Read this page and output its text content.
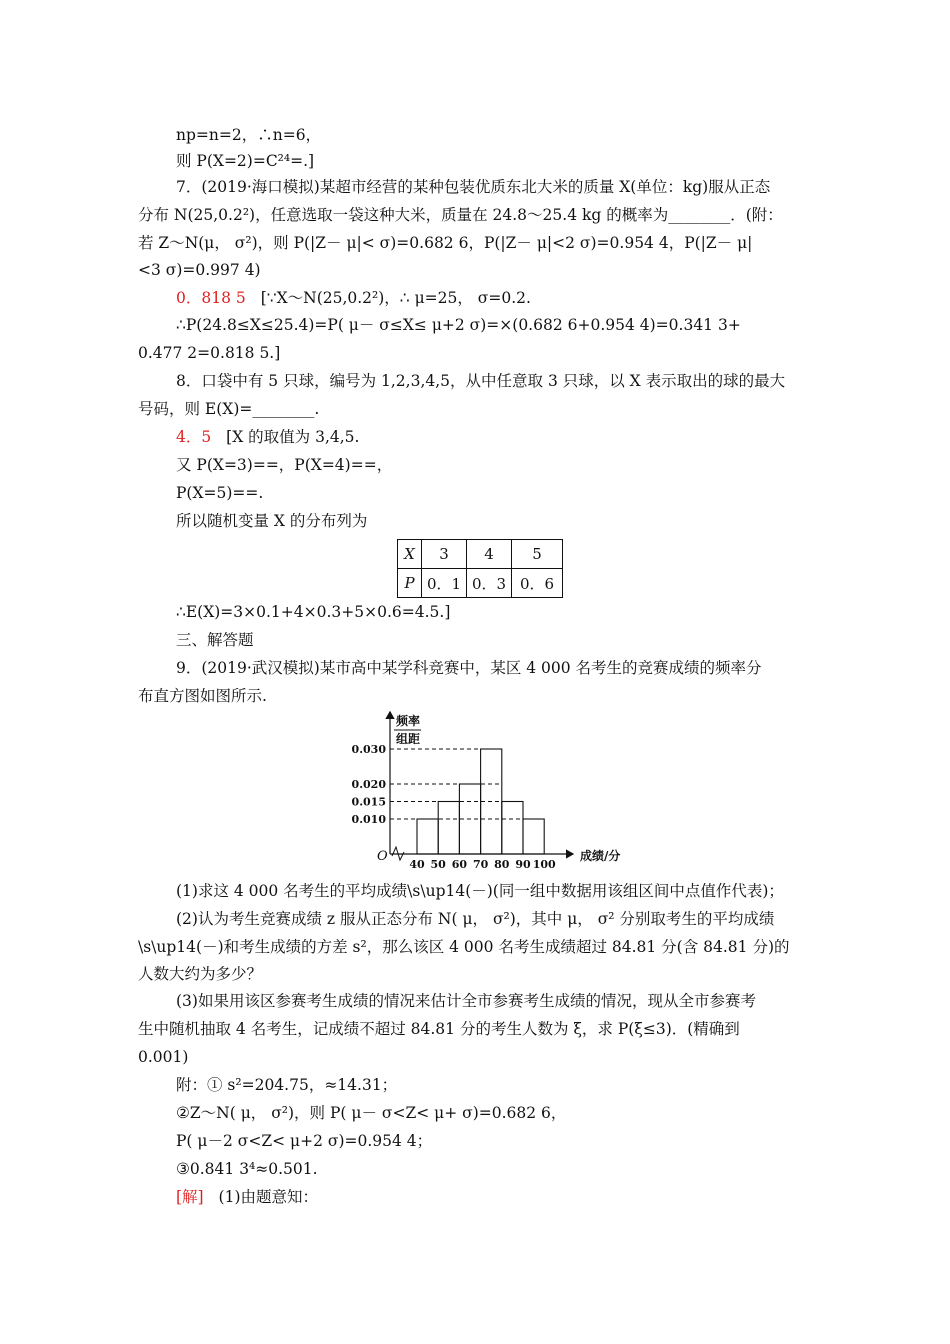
np=n=2，∴n=6，
则 P(X=2)=C²⁴=.]
7．(2019·海口模拟)某超市经营的某种包装优质东北大米的质量 X(单位：kg)服从正态
分布 N(25,0.2²)，任意选取一袋这种大米，质量在 24.8～25.4 kg 的概率为________．(附：
若 Z～N(μ， σ²)，则 P(|Z－ μ|< σ)=0.682 6，P(|Z－ μ|<2 σ)=0.954 4，P(|Z－ μ|
<3 σ)=0.997 4)
0．818 5 [∵X～N(25,0.2²)，∴ μ=25， σ=0.2.
∴P(24.8≤X≤25.4)=P( μ－ σ≤X≤ μ+2 σ)=×(0.682 6+0.954 4)=0.341 3+
0.477 2=0.818 5.]
8．口袋中有 5 只球，编号为 1,2,3,4,5，从中任意取 3 只球，以 X 表示取出的球的最大
号码，则 E(X)=________.
4．5 [X 的取值为 3,4,5.
又 P(X=3)==，P(X=4)==，
P(X=5)==.
所以随机变量 X 的分布列为
X	3	4	5
P	0．1	0．3	0．6
∴E(X)=3×0.1+4×0.3+5×0.6=4.5.]
三、解答题
9．(2019·武汉模拟)某市高中某学科竞赛中，某区 4 000 名考生的竞赛成绩的频率分
布直方图如图所示.
频率
组距
O	成绩/分
0.030
0.020
0.015
0.010
40 50 60 70 80 90 100
(1)求这 4 000 名考生的平均成绩\s\up14(－)(同一组中数据用该组区间中点值作代表)；
(2)认为考生竞赛成绩 z 服从正态分布 N( μ， σ²)，其中 μ， σ² 分别取考生的平均成绩
\s\up14(－)和考生成绩的方差 s²，那么该区 4 000 名考生成绩超过 84.81 分(含 84.81 分)的
人数大约为多少？
(3)如果用该区参赛考生成绩的情况来估计全市参赛考生成绩的情况，现从全市参赛考
生中随机抽取 4 名考生，记成绩不超过 84.81 分的考生人数为 ξ，求 P(ξ≤3)．(精确到
0.001)
附：① s²=204.75，≈14.31；
②Z～N( μ， σ²)，则 P( μ－ σ<Z< μ+ σ)=0.682 6，
P( μ－2 σ<Z< μ+2 σ)=0.954 4；
③0.841 3⁴≈0.501.
[解] (1)由题意知：
